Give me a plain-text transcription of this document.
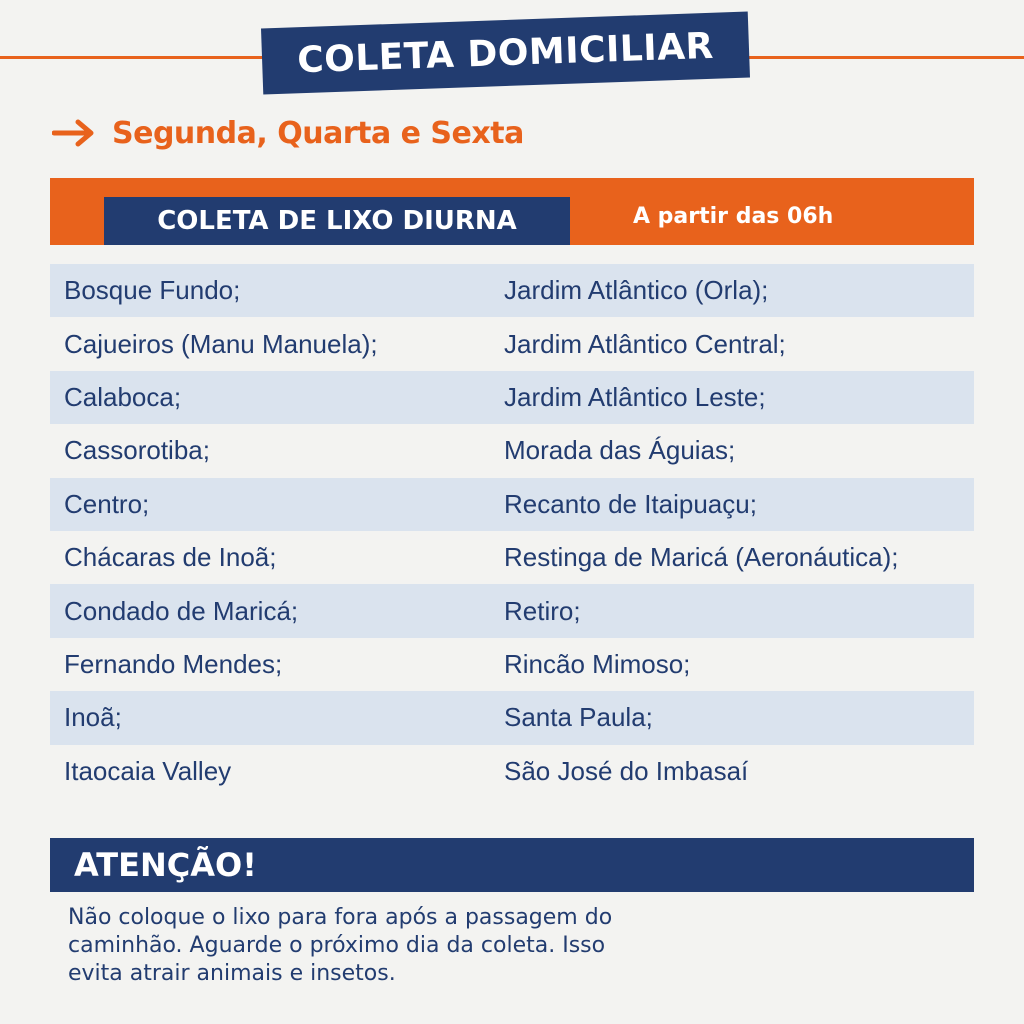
COLETA DOMICILIAR
Segunda, Quarta e Sexta
COLETA DE LIXO DIURNA	A partir das 06h
Bosque Fundo;	Jardim Atlântico (Orla);
Cajueiros (Manu Manuela);	Jardim Atlântico Central;
Calaboca;	Jardim Atlântico Leste;
Cassorotiba;	Morada das Águias;
Centro;	Recanto de Itaipuaçu;
Chácaras de Inoã;	Restinga de Maricá (Aeronáutica);
Condado de Maricá;	Retiro;
Fernando Mendes;	Rincão Mimoso;
Inoã;	Santa Paula;
Itaocaia Valley	São José do Imbasaí
ATENÇÃO!
Não coloque o lixo para fora após a passagem do
caminhão. Aguarde o próximo dia da coleta. Isso
evita atrair animais e insetos.
